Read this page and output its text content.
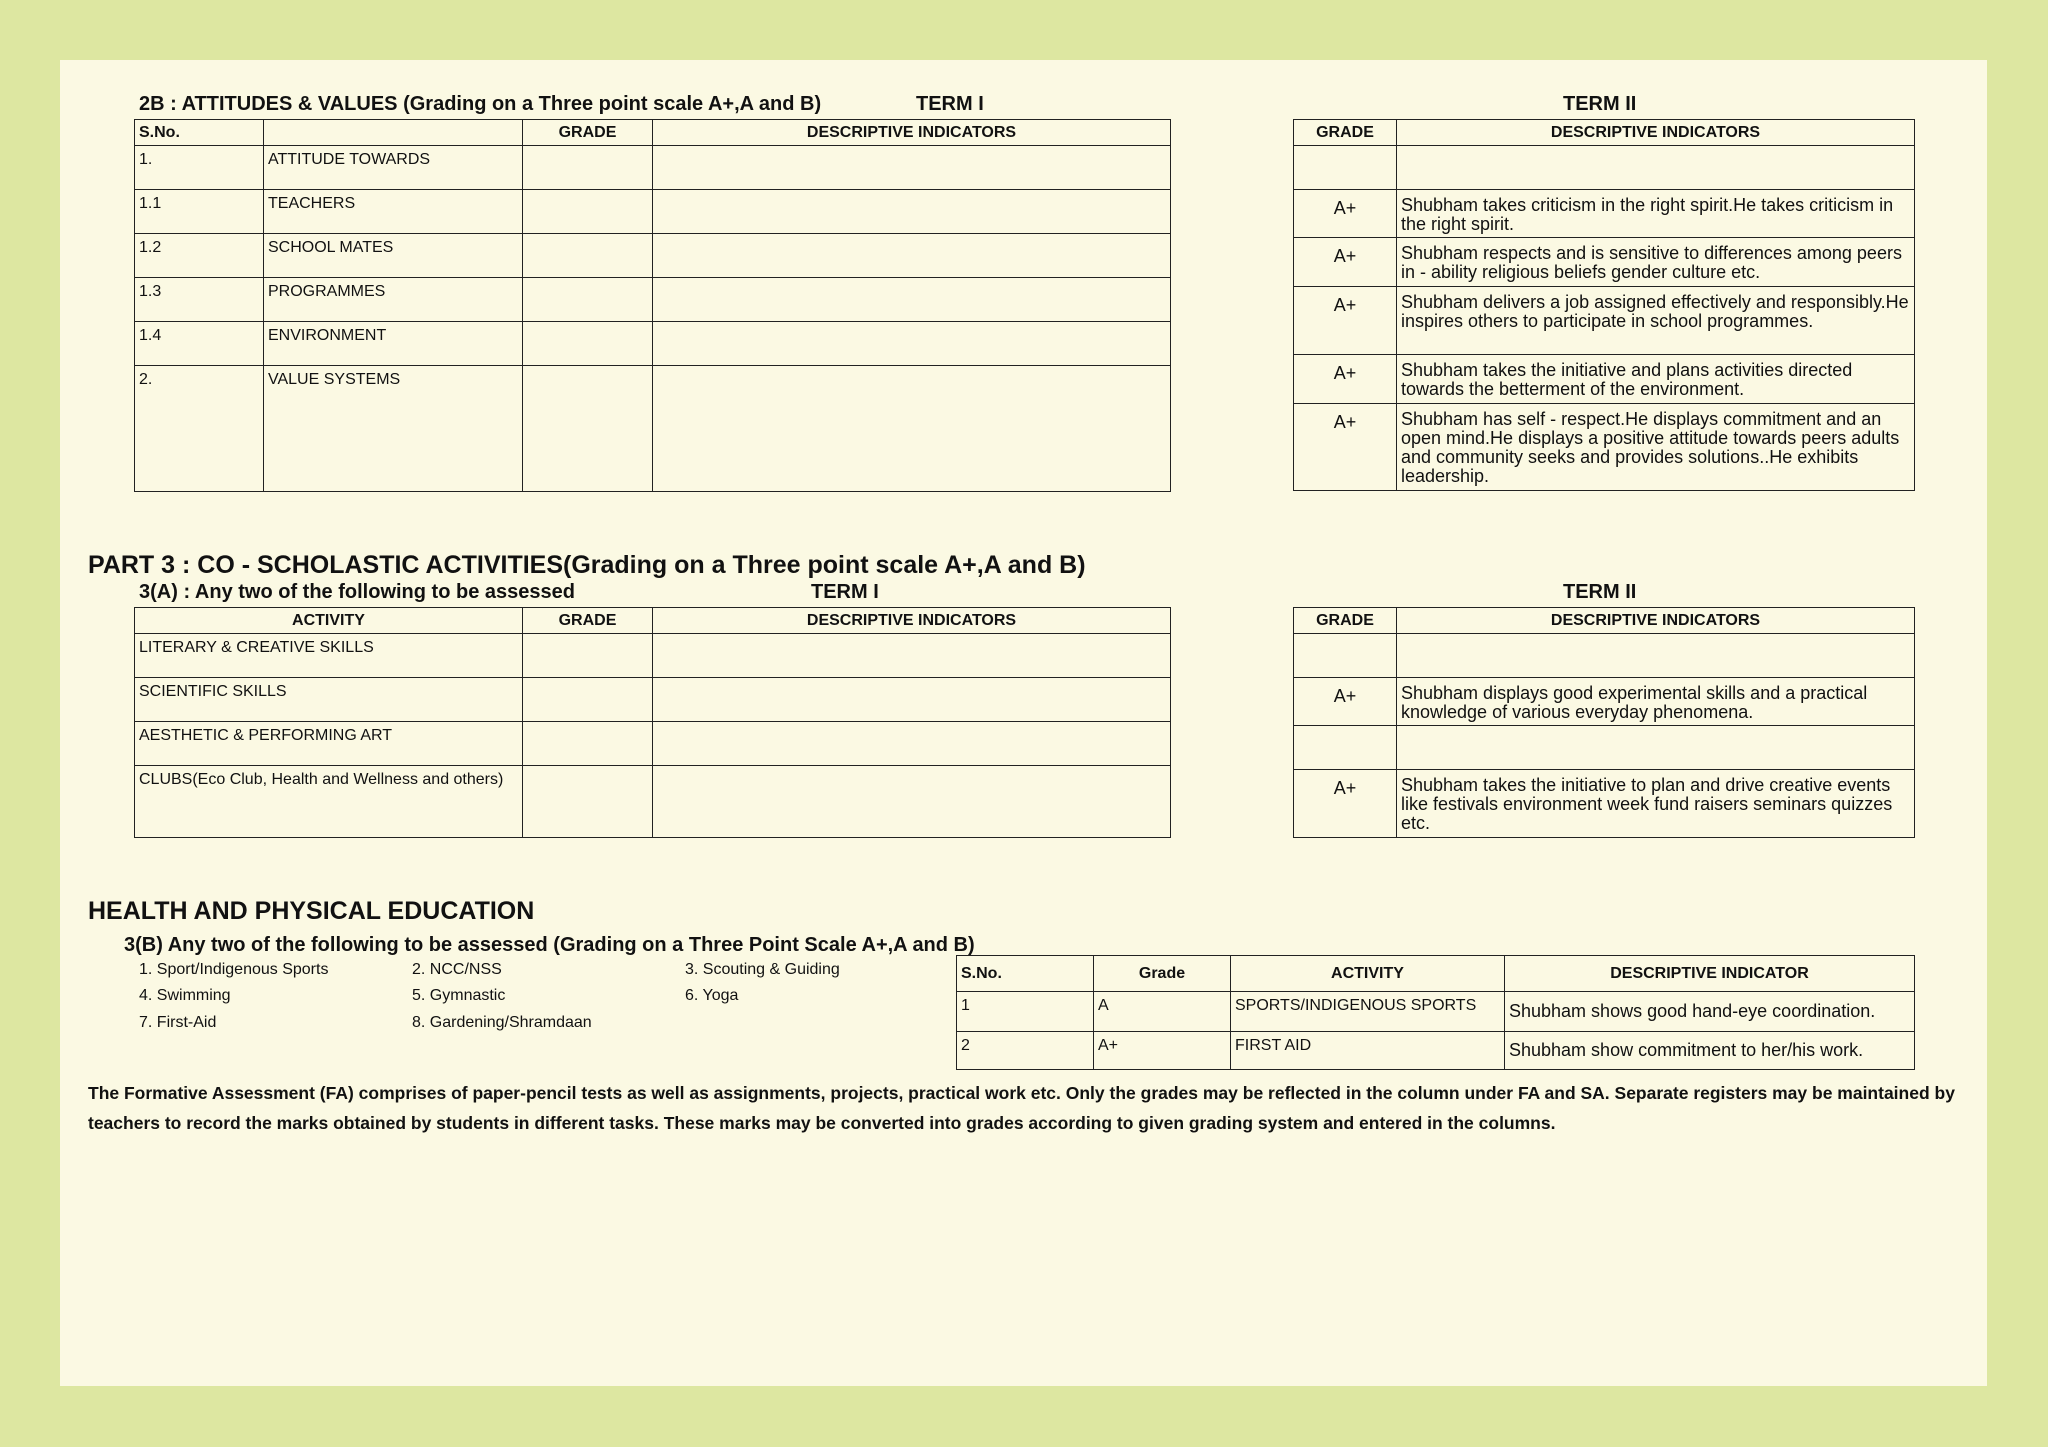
2B : ATTITUDES & VALUES (Grading on a Three point scale A+,A and B)	TERM I	TERM II
S.No.		GRADE	DESCRIPTIVE INDICATORS
1.	ATTITUDE TOWARDS		
1.1	TEACHERS		
1.2	SCHOOL MATES		
1.3	PROGRAMMES		
1.4	ENVIRONMENT		
2.	VALUE SYSTEMS		
GRADE	DESCRIPTIVE INDICATORS

A+	Shubham takes criticism in the right spirit.He takes criticism in the right spirit.
A+	Shubham respects and is sensitive to differences among peers in - ability religious beliefs gender culture etc.
A+	Shubham delivers a job assigned effectively and responsibly.He inspires others to participate in school programmes.
A+	Shubham takes the initiative and plans activities directed towards the betterment of the environment.
A+	Shubham has self - respect.He displays commitment and an open mind.He displays a positive attitude towards peers adults and community seeks and provides solutions..He exhibits leadership.
PART 3 : CO - SCHOLASTIC ACTIVITIES(Grading on a Three point scale A+,A and B)
3(A) : Any two of the following to be assessed	TERM I	TERM II
ACTIVITY	GRADE	DESCRIPTIVE INDICATORS
LITERARY & CREATIVE SKILLS		
SCIENTIFIC SKILLS		
AESTHETIC & PERFORMING ART		
CLUBS(Eco Club, Health and Wellness and others)		
GRADE	DESCRIPTIVE INDICATORS

A+	Shubham displays good experimental skills and a practical knowledge of various everyday phenomena.

A+	Shubham takes the initiative to plan and drive creative events like festivals environment week fund raisers seminars quizzes etc.
HEALTH AND PHYSICAL EDUCATION
3(B) Any two of the following to be assessed (Grading on a Three Point Scale A+,A and B)
1. Sport/Indigenous Sports	2. NCC/NSS	3. Scouting & Guiding
4. Swimming	5. Gymnastic	6. Yoga
7. First-Aid	8. Gardening/Shramdaan
S.No.	Grade	ACTIVITY	DESCRIPTIVE INDICATOR
1	A	SPORTS/INDIGENOUS SPORTS	Shubham shows good hand-eye coordination.
2	A+	FIRST AID	Shubham show commitment to her/his work.
The Formative Assessment (FA) comprises of paper-pencil tests as well as assignments, projects, practical work etc. Only the grades may be reflected in the column under FA and SA. Separate registers may be maintained by teachers to record the marks obtained by students in different tasks. These marks may be converted into grades according to given grading system and entered in the columns.
